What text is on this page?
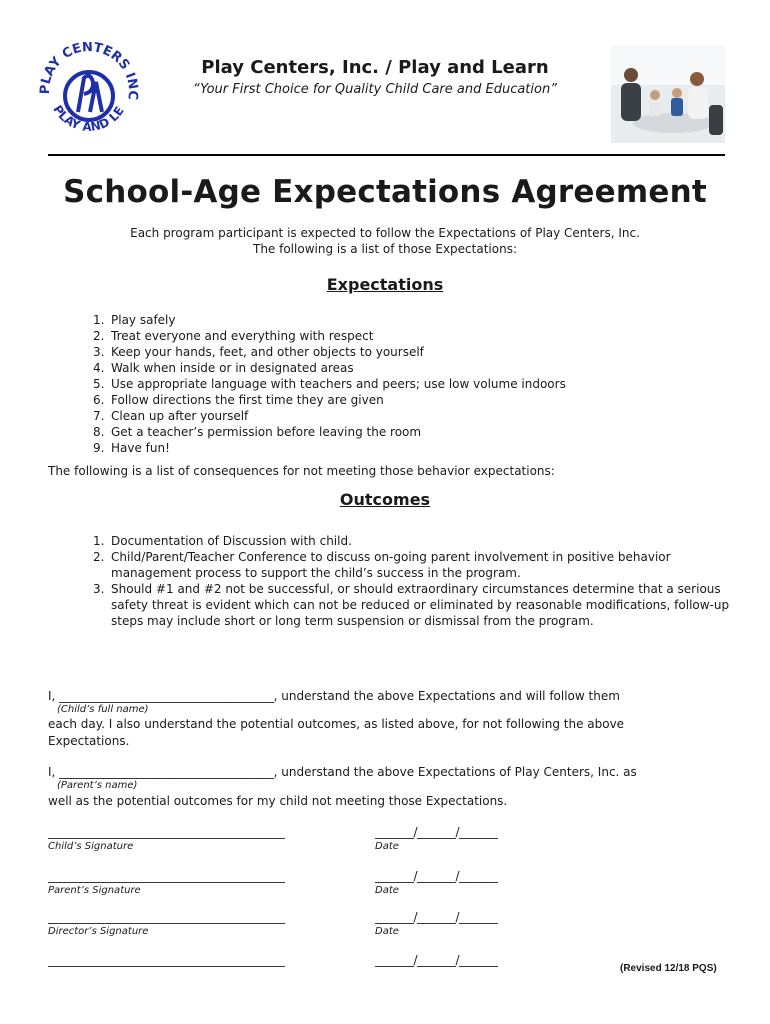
PLAY CENTERS INC
PLAY AND LE
Play Centers, Inc. / Play and Learn
“Your First Choice for Quality Child Care and Education”
School-Age Expectations Agreement
Each program participant is expected to follow the Expectations of Play Centers, Inc.
The following is a list of those Expectations:
Expectations
1. Play safely
2. Treat everyone and everything with respect
3. Keep your hands, feet, and other objects to yourself
4. Walk when inside or in designated areas
5. Use appropriate language with teachers and peers; use low volume indoors
6. Follow directions the first time they are given
7. Clean up after yourself
8. Get a teacher’s permission before leaving the room
9. Have fun!
The following is a list of consequences for not meeting those behavior expectations:
Outcomes
1. Documentation of Discussion with child.
2. Child/Parent/Teacher Conference to discuss on-going parent involvement in positive behavior management process to support the child’s success in the program.
3. Should #1 and #2 not be successful, or should extraordinary circumstances determine that a serious safety threat is evident which can not be reduced or eliminated by reasonable modifications, follow-up steps may include short or long term suspension or dismissal from the program.
I, _______________________________________, understand the above Expectations and will follow them
(Child’s full name)
each day. I also understand the potential outcomes, as listed above, for not following the above Expectations.
I, _______________________________________, understand the above Expectations of Play Centers, Inc. as
(Parent’s name)
well as the potential outcomes for my child not meeting those Expectations.
___________________________________________
Child’s Signature
_______/_______/_______
Date
___________________________________________
Parent’s Signature
_______/_______/_______
Date
___________________________________________
Director’s Signature
_______/_______/_______
Date
___________________________________________	_______/_______/_______
(Revised 12/18 PQS)
